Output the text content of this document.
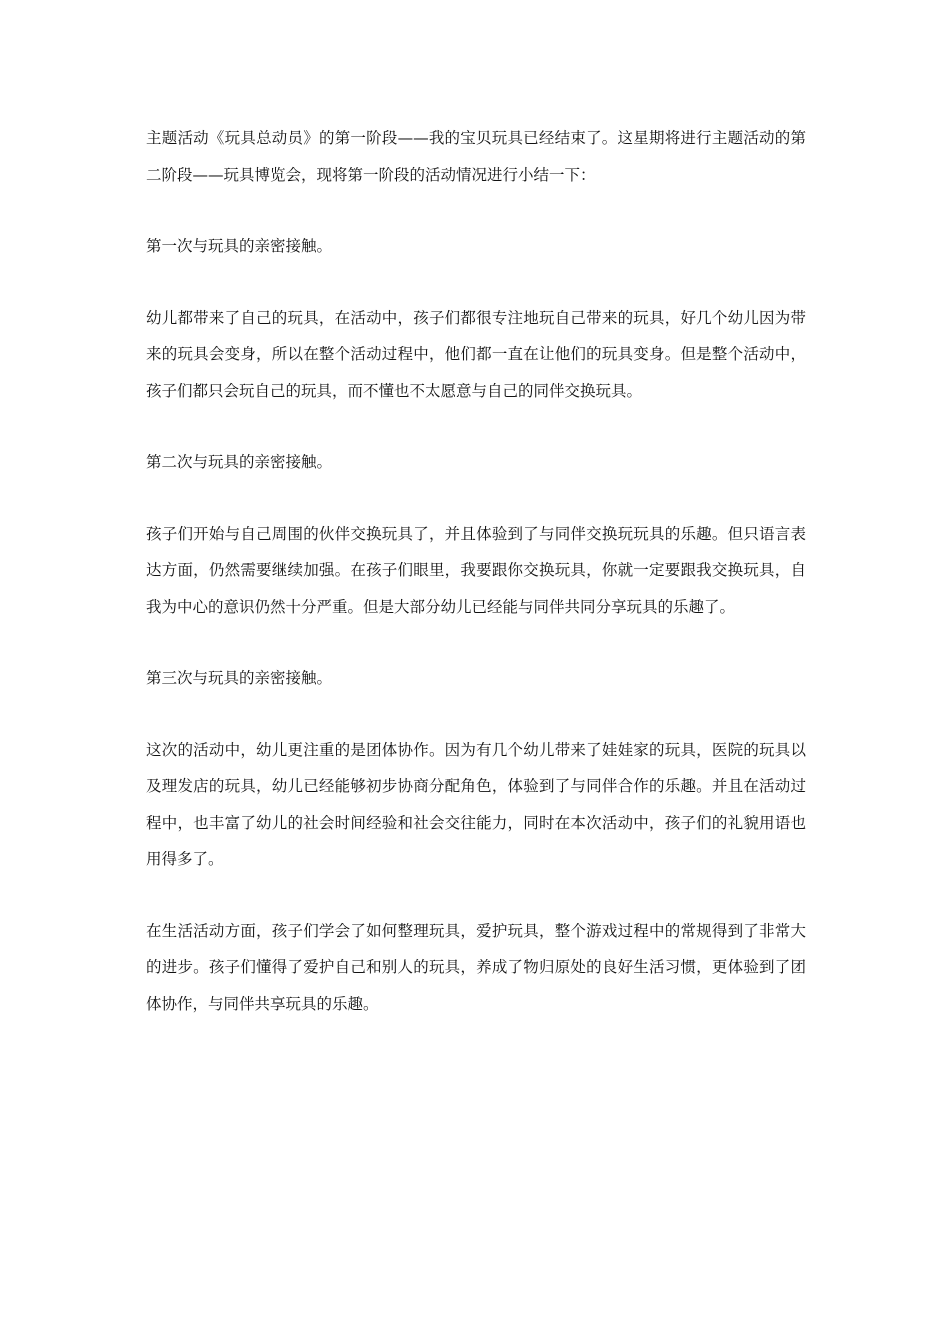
主题活动《玩具总动员》的第一阶段——我的宝贝玩具已经结束了。这星期将进行主题活动的第二阶段——玩具博览会，现将第一阶段的活动情况进行小结一下：

第一次与玩具的亲密接触。

幼儿都带来了自己的玩具，在活动中，孩子们都很专注地玩自己带来的玩具，好几个幼儿因为带来的玩具会变身，所以在整个活动过程中，他们都一直在让他们的玩具变身。但是整个活动中，孩子们都只会玩自己的玩具，而不懂也不太愿意与自己的同伴交换玩具。

第二次与玩具的亲密接触。

孩子们开始与自己周围的伙伴交换玩具了，并且体验到了与同伴交换玩玩具的乐趣。但只语言表达方面，仍然需要继续加强。在孩子们眼里，我要跟你交换玩具，你就一定要跟我交换玩具，自我为中心的意识仍然十分严重。但是大部分幼儿已经能与同伴共同分享玩具的乐趣了。

第三次与玩具的亲密接触。

这次的活动中，幼儿更注重的是团体协作。因为有几个幼儿带来了娃娃家的玩具，医院的玩具以及理发店的玩具，幼儿已经能够初步协商分配角色，体验到了与同伴合作的乐趣。并且在活动过程中，也丰富了幼儿的社会时间经验和社会交往能力，同时在本次活动中，孩子们的礼貌用语也用得多了。

在生活活动方面，孩子们学会了如何整理玩具，爱护玩具，整个游戏过程中的常规得到了非常大的进步。孩子们懂得了爱护自己和别人的玩具，养成了物归原处的良好生活习惯，更体验到了团体协作，与同伴共享玩具的乐趣。
